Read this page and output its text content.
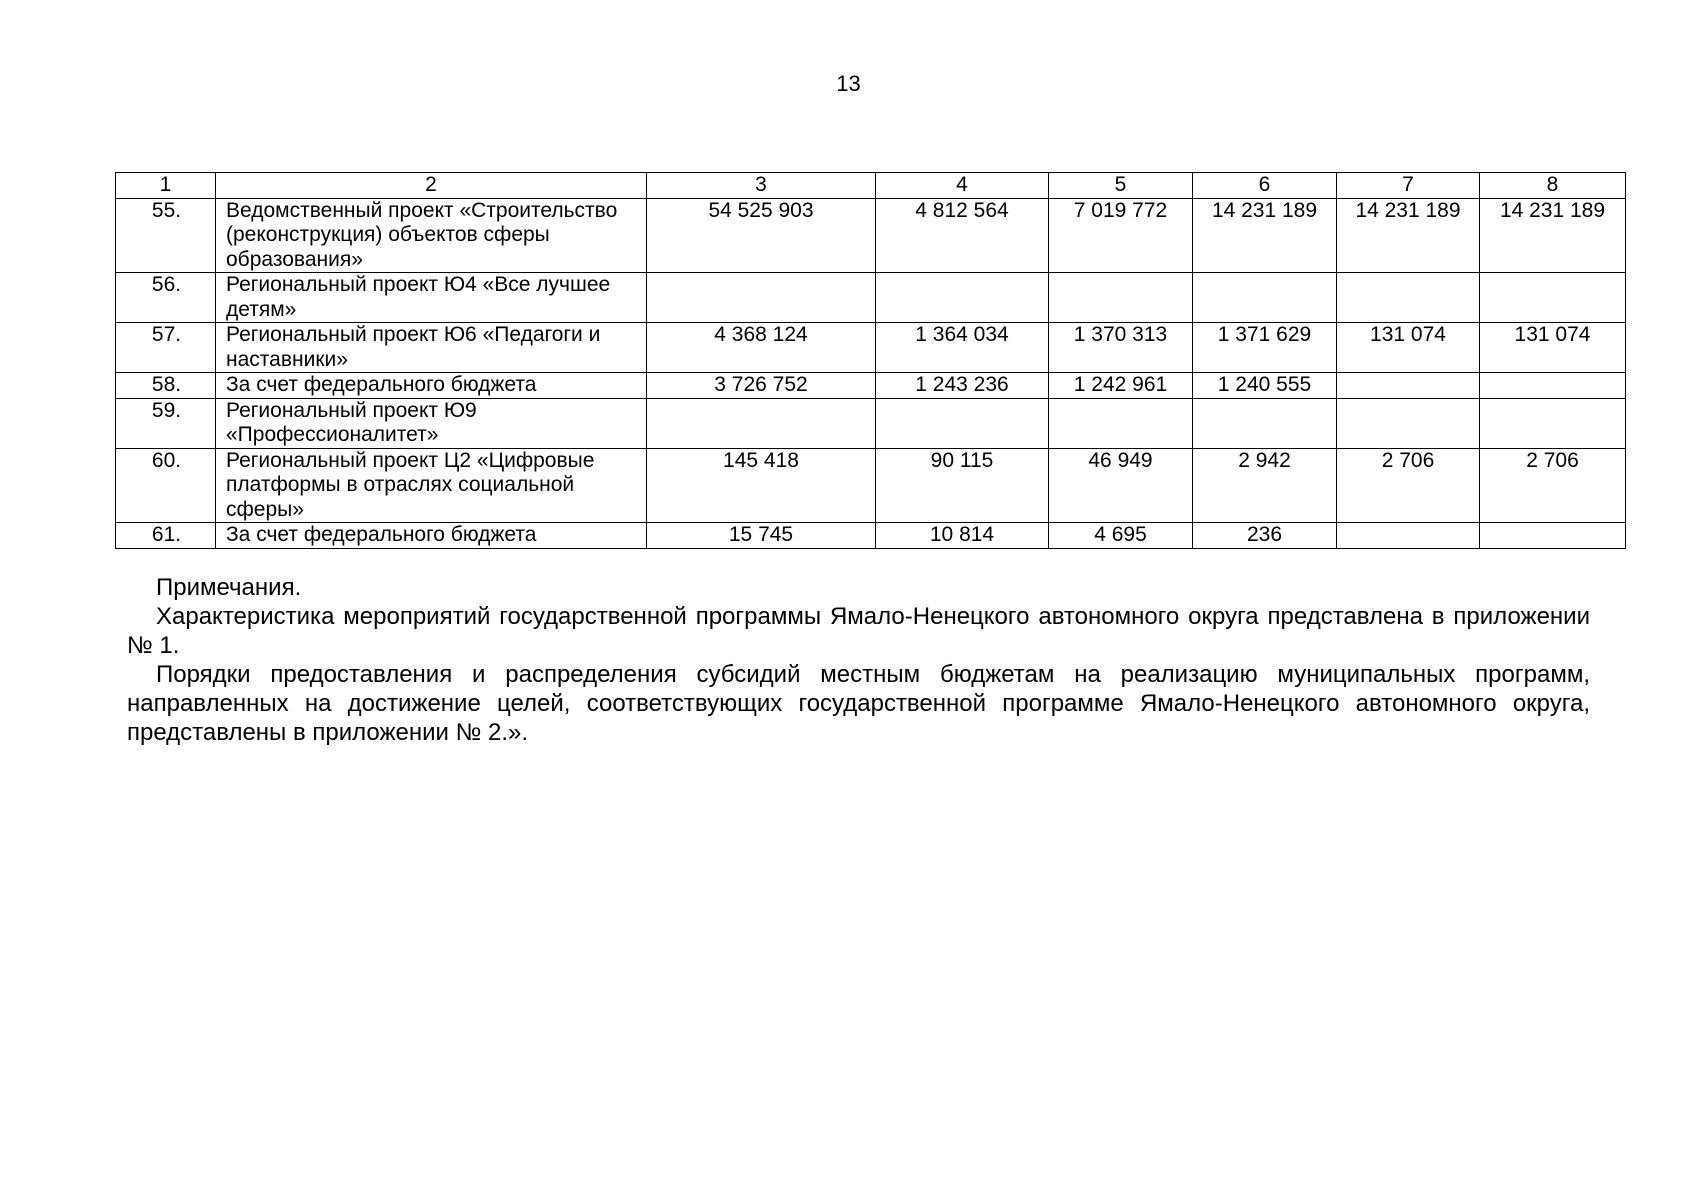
13
1	2	3	4	5	6	7	8
55.	Ведомственный проект «Строительство (реконструкция) объектов сферы образования»	54 525 903	4 812 564	7 019 772	14 231 189	14 231 189	14 231 189
56.	Региональный проект Ю4 «Все лучшее детям»						
57.	Региональный проект Ю6 «Педагоги и наставники»	4 368 124	1 364 034	1 370 313	1 371 629	131 074	131 074
58.	За счет федерального бюджета	3 726 752	1 243 236	1 242 961	1 240 555		
59.	Региональный проект Ю9 «Профессионалитет»						
60.	Региональный проект Ц2 «Цифровые платформы в отраслях социальной сферы»	145 418	90 115	46 949	2 942	2 706	2 706
61.	За счет федерального бюджета	15 745	10 814	4 695	236		

Примечания.

Характеристика мероприятий государственной программы Ямало-Ненецкого автономного округа представлена в приложении № 1.

Порядки предоставления и распределения субсидий местным бюджетам на реализацию муниципальных программ, направленных на достижение целей, соответствующих государственной программе Ямало-Ненецкого автономного округа, представлены в приложении № 2.».
